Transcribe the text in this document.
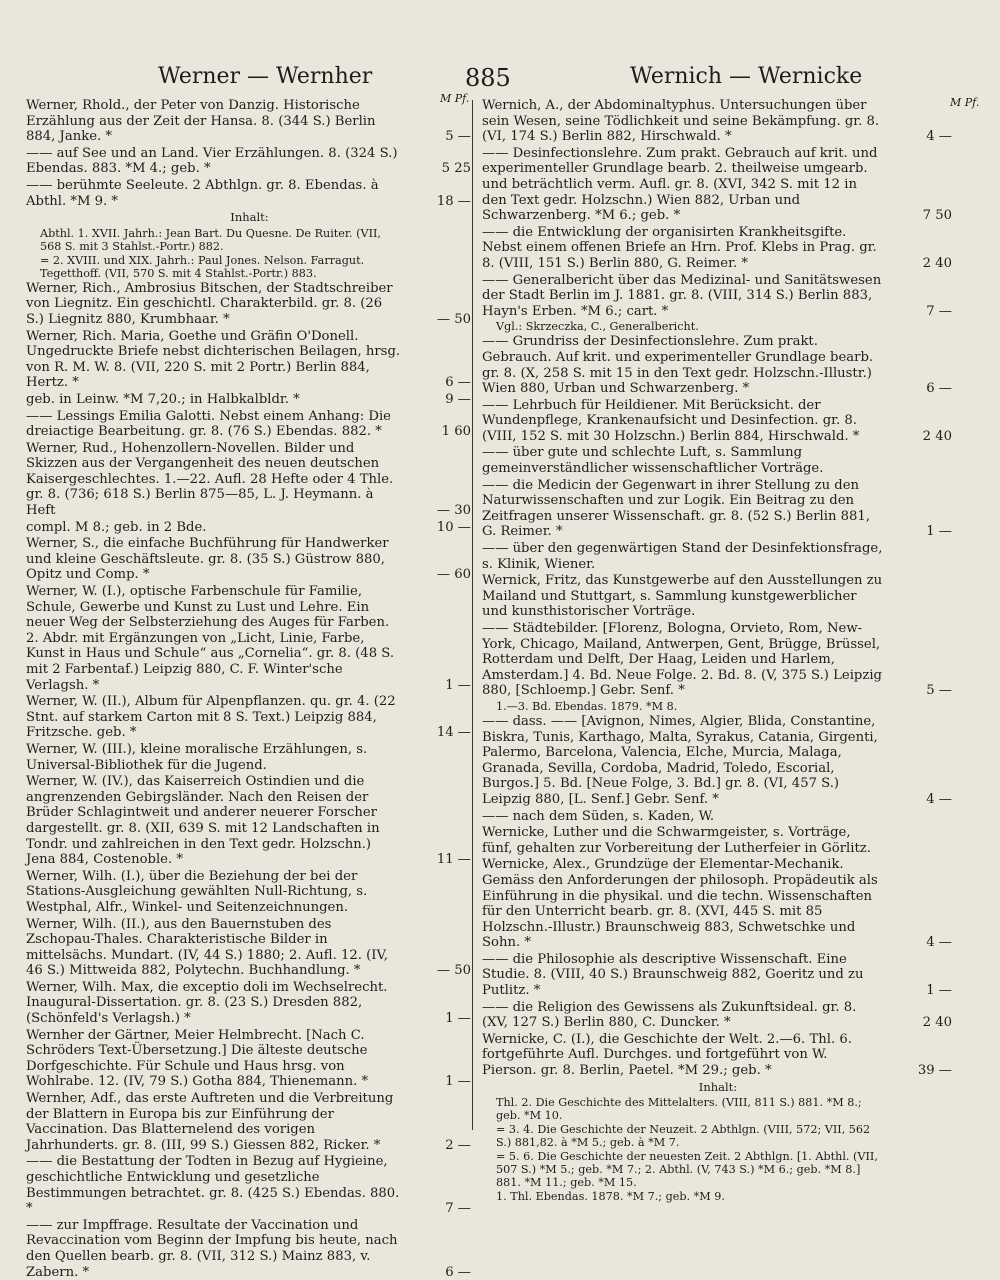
Werner — Wernher	885	Wernich — Wernicke
M Pf.	M Pf.
Werner, Rhold., der Peter von Danzig. Historische Erzählung aus der Zeit der Hansa. 8. (344 S.) Berlin 884, Janke. *	5 —
—— auf See und an Land. Vier Erzählungen. 8. (324 S.) Ebendas. 883. *M 4.; geb. *	5 25
—— berühmte Seeleute. 2 Abthlgn. gr. 8. Ebendas. à Abthl. *M 9. *	18 —
Inhalt:
Abthl. 1. XVII. Jahrh.: Jean Bart. Du Quesne. De Ruiter. (VII, 568 S. mit 3 Stahlst.-Portr.) 882.
= 2. XVIII. und XIX. Jahrh.: Paul Jones. Nelson. Farragut. Tegetthoff. (VII, 570 S. mit 4 Stahlst.-Portr.) 883.
Werner, Rich., Ambrosius Bitschen, der Stadtschreiber von Liegnitz. Ein geschichtl. Charakterbild. gr. 8. (26 S.) Liegnitz 880, Krumbhaar. *	— 50
Werner, Rich. Maria, Goethe und Gräfin O'Donell. Ungedruckte Briefe nebst dichterischen Beilagen, hrsg. von R. M. W. 8. (VII, 220 S. mit 2 Portr.) Berlin 884, Hertz. *	6 —
geb. in Leinw. *M 7,20.; in Halbkalbldr. *	9 —
—— Lessings Emilia Galotti. Nebst einem Anhang: Die dreiactige Bearbeitung. gr. 8. (76 S.) Ebendas. 882. *	1 60
Werner, Rud., Hohenzollern-Novellen. Bilder und Skizzen aus der Vergangenheit des neuen deutschen Kaisergeschlechtes. 1.—22. Aufl. 28 Hefte oder 4 Thle. gr. 8. (736; 618 S.) Berlin 875—85, L. J. Heymann. à Heft	— 30
compl. M 8.; geb. in 2 Bde.	10 —
Werner, S., die einfache Buchführung für Handwerker und kleine Geschäftsleute. gr. 8. (35 S.) Güstrow 880, Opitz und Comp. *	— 60
Werner, W. (I.), optische Farbenschule für Familie, Schule, Gewerbe und Kunst zu Lust und Lehre. Ein neuer Weg der Selbsterziehung des Auges für Farben. 2. Abdr. mit Ergänzungen von „Licht, Linie, Farbe, Kunst in Haus und Schule“ aus „Cornelia“. gr. 8. (48 S. mit 2 Farbentaf.) Leipzig 880, C. F. Winter'sche Verlagsh. *	1 —
Werner, W. (II.), Album für Alpenpflanzen. qu. gr. 4. (22 Stnt. auf starkem Carton mit 8 S. Text.) Leipzig 884, Fritzsche. geb. *	14 —
Werner, W. (III.), kleine moralische Erzählungen, s. Universal-Bibliothek für die Jugend.
Werner, W. (IV.), das Kaiserreich Ostindien und die angrenzenden Gebirgsländer. Nach den Reisen der Brüder Schlagintweit und anderer neuerer Forscher dargestellt. gr. 8. (XII, 639 S. mit 12 Landschaften in Tondr. und zahlreichen in den Text gedr. Holzschn.) Jena 884, Costenoble. *	11 —
Werner, Wilh. (I.), über die Beziehung der bei der Stations-Ausgleichung gewählten Null-Richtung, s. Westphal, Alfr., Winkel- und Seitenzeichnungen.
Werner, Wilh. (II.), aus den Bauernstuben des Zschopau-Thales. Charakteristische Bilder in mittelsächs. Mundart. (IV, 44 S.) 1880; 2. Aufl. 12. (IV, 46 S.) Mittweida 882, Polytechn. Buchhandlung. *	— 50
Werner, Wilh. Max, die exceptio doli im Wechselrecht. Inaugural-Dissertation. gr. 8. (23 S.) Dresden 882, (Schönfeld's Verlagsh.) *	1 —
Wernher der Gärtner, Meier Helmbrecht. [Nach C. Schröders Text-Übersetzung.] Die älteste deutsche Dorfgeschichte. Für Schule und Haus hrsg. von Wohlrabe. 12. (IV, 79 S.) Gotha 884, Thienemann. *	1 —
Wernher, Adf., das erste Auftreten und die Verbreitung der Blattern in Europa bis zur Einführung der Vaccination. Das Blatternelend des vorigen Jahrhunderts. gr. 8. (III, 99 S.) Giessen 882, Ricker. *	2 —
—— die Bestattung der Todten in Bezug auf Hygieine, geschichtliche Entwicklung und gesetzliche Bestimmungen betrachtet. gr. 8. (425 S.) Ebendas. 880. *	7 —
—— zur Impffrage. Resultate der Vaccination und Revaccination vom Beginn der Impfung bis heute, nach den Quellen bearb. gr. 8. (VII, 312 S.) Mainz 883, v. Zabern. *	6 —
Wernich, A., der Abdominaltyphus. Untersuchungen über sein Wesen, seine Tödlichkeit und seine Bekämpfung. gr. 8. (VI, 174 S.) Berlin 882, Hirschwald. *	4 —
—— Desinfectionslehre. Zum prakt. Gebrauch auf krit. und experimenteller Grundlage bearb. 2. theilweise umgearb. und beträchtlich verm. Aufl. gr. 8. (XVI, 342 S. mit 12 in den Text gedr. Holzschn.) Wien 882, Urban und Schwarzenberg. *M 6.; geb. *	7 50
—— die Entwicklung der organisirten Krankheitsgifte. Nebst einem offenen Briefe an Hrn. Prof. Klebs in Prag. gr. 8. (VIII, 151 S.) Berlin 880, G. Reimer. *	2 40
—— Generalbericht über das Medizinal- und Sanitätswesen der Stadt Berlin im J. 1881. gr. 8. (VIII, 314 S.) Berlin 883, Hayn's Erben. *M 6.; cart. *	7 —
Vgl.: Skrzeczka, C., Generalbericht.
—— Grundriss der Desinfectionslehre. Zum prakt. Gebrauch. Auf krit. und experimenteller Grundlage bearb. gr. 8. (X, 258 S. mit 15 in den Text gedr. Holzschn.-Illustr.) Wien 880, Urban und Schwarzenberg. *	6 —
—— Lehrbuch für Heildiener. Mit Berücksicht. der Wundenpflege, Krankenaufsicht und Desinfection. gr. 8. (VIII, 152 S. mit 30 Holzschn.) Berlin 884, Hirschwald. *	2 40
—— über gute und schlechte Luft, s. Sammlung gemeinverständlicher wissenschaftlicher Vorträge.
—— die Medicin der Gegenwart in ihrer Stellung zu den Naturwissenschaften und zur Logik. Ein Beitrag zu den Zeitfragen unserer Wissenschaft. gr. 8. (52 S.) Berlin 881, G. Reimer. *	1 —
—— über den gegenwärtigen Stand der Desinfektionsfrage, s. Klinik, Wiener.
Wernick, Fritz, das Kunstgewerbe auf den Ausstellungen zu Mailand und Stuttgart, s. Sammlung kunstgewerblicher und kunsthistorischer Vorträge.
—— Städtebilder. [Florenz, Bologna, Orvieto, Rom, New-York, Chicago, Mailand, Antwerpen, Gent, Brügge, Brüssel, Rotterdam und Delft, Der Haag, Leiden und Harlem, Amsterdam.] 4. Bd. Neue Folge. 2. Bd. 8. (V, 375 S.) Leipzig 880, [Schloemp.] Gebr. Senf. *	5 —
1.—3. Bd. Ebendas. 1879. *M 8.
—— dass. —— [Avignon, Nimes, Algier, Blida, Constantine, Biskra, Tunis, Karthago, Malta, Syrakus, Catania, Girgenti, Palermo, Barcelona, Valencia, Elche, Murcia, Malaga, Granada, Sevilla, Cordoba, Madrid, Toledo, Escorial, Burgos.] 5. Bd. [Neue Folge, 3. Bd.] gr. 8. (VI, 457 S.) Leipzig 880, [L. Senf.] Gebr. Senf. *	4 —
—— nach dem Süden, s. Kaden, W.
Wernicke, Luther und die Schwarmgeister, s. Vorträge, fünf, gehalten zur Vorbereitung der Lutherfeier in Görlitz.
Wernicke, Alex., Grundzüge der Elementar-Mechanik. Gemäss den Anforderungen der philosoph. Propädeutik als Einführung in die physikal. und die techn. Wissenschaften für den Unterricht bearb. gr. 8. (XVI, 445 S. mit 85 Holzschn.-Illustr.) Braunschweig 883, Schwetschke und Sohn. *	4 —
—— die Philosophie als descriptive Wissenschaft. Eine Studie. 8. (VIII, 40 S.) Braunschweig 882, Goeritz und zu Putlitz. *	1 —
—— die Religion des Gewissens als Zukunftsideal. gr. 8. (XV, 127 S.) Berlin 880, C. Duncker. *	2 40
Wernicke, C. (I.), die Geschichte der Welt. 2.—6. Thl. 6. fortgeführte Aufl. Durchges. und fortgeführt von W. Pierson. gr. 8. Berlin, Paetel. *M 29.; geb. *	39 —
Inhalt:
Thl. 2. Die Geschichte des Mittelalters. (VIII, 811 S.) 881. *M 8.; geb. *M 10.
= 3. 4. Die Geschichte der Neuzeit. 2 Abthlgn. (VIII, 572; VII, 562 S.) 881,82. à *M 5.; geb. à *M 7.
= 5. 6. Die Geschichte der neuesten Zeit. 2 Abthlgn. [1. Abthl. (VII, 507 S.) *M 5.; geb. *M 7.; 2. Abthl. (V, 743 S.) *M 6.; geb. *M 8.] 881. *M 11.; geb. *M 15.
1. Thl. Ebendas. 1878. *M 7.; geb. *M 9.
